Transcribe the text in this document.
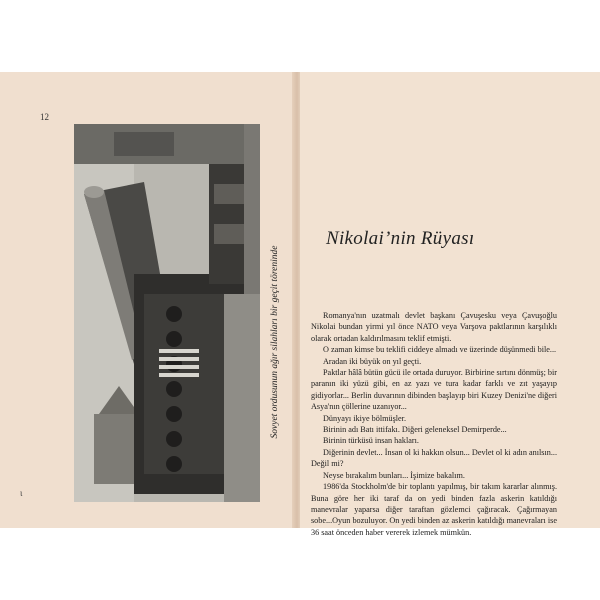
12
Sovyet ordusunun ağır silahları bir geçit töreninde
ι
Nikolai’nin Rüyası

Romanya'nın uzatmalı devlet başkanı Çavuşesku veya Çavuşoğlu Nikolai bundan yirmi yıl önce NATO veya Varşova paktlarının karşılıklı olarak ortadan kaldırılmasını teklif etmişti.

O zaman kimse bu teklifi ciddeye almadı ve üzerinde düşünmedi bile...

Aradan iki büyük on yıl geçti.

Paktlar hâlâ bütün gücü ile ortada duruyor. Birbirine sırtını dönmüş; bir paranın iki yüzü gibi, en az yazı ve tura kadar farklı ve zıt yaşayıp gidiyorlar... Berlin duvarının dibinden başlayıp biri Kuzey Denizi'ne diğeri Asya'nın çöllerine uzanıyor...

Dünyayı ikiye bölmüşler.

Birinin adı Batı ittifakı. Diğeri geleneksel Demirperde...

Birinin türküsü insan hakları.

Diğerinin devlet... İnsan ol ki hakkın olsun... Devlet ol ki adın anılsın... Değil mi?

Neyse bırakalım bunları... İşimize bakalım.

1986'da Stockholm'de bir toplantı yapılmış, bir takım kararlar alınmış. Buna göre her iki taraf da on yedi binden fazla askerin katıldığı manevralar yaparsa diğer taraftan gözlemci çağıracak. Çağırmayan sobe...Oyun bozuluyor. On yedi binden az askerin katıldığı manevraları ise 36 saat önceden haber vererek izlemek mümkün.
